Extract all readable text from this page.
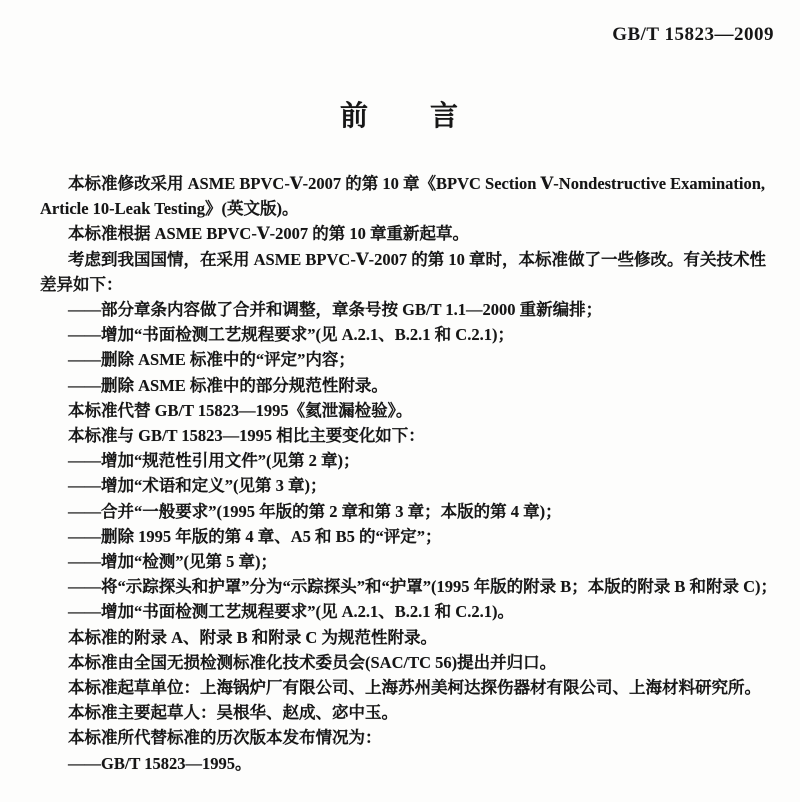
GB/T 15823—2009
前　　言

本标准修改采用 ASME BPVC-Ⅴ-2007 的第 10 章《BPVC Section Ⅴ-Nondestructive Examination,

Article 10-Leak Testing》(英文版)。

本标准根据 ASME BPVC-Ⅴ-2007 的第 10 章重新起草。

考虑到我国国情，在采用 ASME BPVC-Ⅴ-2007 的第 10 章时，本标准做了一些修改。有关技术性

差异如下：

——部分章条内容做了合并和调整，章条号按 GB/T 1.1—2000 重新编排；

——增加“书面检测工艺规程要求”(见 A.2.1、B.2.1 和 C.2.1)；

——删除 ASME 标准中的“评定”内容；

——删除 ASME 标准中的部分规范性附录。

本标准代替 GB/T 15823—1995《氦泄漏检验》。

本标准与 GB/T 15823—1995 相比主要变化如下：

——增加“规范性引用文件”(见第 2 章)；

——增加“术语和定义”(见第 3 章)；

——合并“一般要求”(1995 年版的第 2 章和第 3 章；本版的第 4 章)；

——删除 1995 年版的第 4 章、A5 和 B5 的“评定”；

——增加“检测”(见第 5 章)；

——将“示踪探头和护罩”分为“示踪探头”和“护罩”(1995 年版的附录 B；本版的附录 B 和附录 C)；

——增加“书面检测工艺规程要求”(见 A.2.1、B.2.1 和 C.2.1)。

本标准的附录 A、附录 B 和附录 C 为规范性附录。

本标准由全国无损检测标准化技术委员会(SAC/TC 56)提出并归口。

本标准起草单位：上海锅炉厂有限公司、上海苏州美柯达探伤器材有限公司、上海材料研究所。

本标准主要起草人：吴根华、赵成、宓中玉。

本标准所代替标准的历次版本发布情况为：

——GB/T 15823—1995。
